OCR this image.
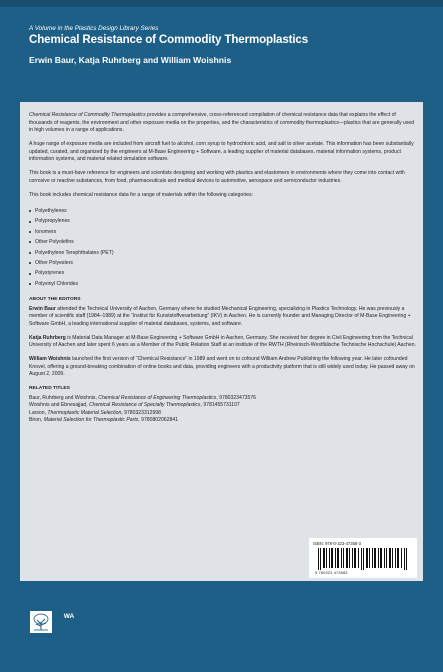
A Volume in the Plastics Design Library Series
Chemical Resistance of Commodity Thermoplastics
Erwin Baur, Katja Ruhrberg and William Woishnis

Chemical Resistance of Commodity Thermoplastics provides a comprehensive, cross-referenced compilation of chemical resistance data that explains the effect of thousands of reagents, the environment and other exposure media on the properties, and the characteristics of commodity thermoplastics—plastics that are generally used in high volumes in a range of applications.

A huge range of exposure media are included from aircraft fuel to alcohol, corn syrup to hydrochloric acid, and salt to silver acetate. This information has been substantially updated, curated, and organized by the engineers at M-Base Engineering + Software, a leading supplier of material databases, material information systems, product information systems, and material related simulation software.

This book is a must-have reference for engineers and scientists designing and working with plastics and elastomers in environments where they come into contact with corrosive or reactive substances, from food, pharmaceuticals and medical devices to automotive, aerospace and semiconductor industries.

This book includes chemical resistance data for a range of materials within the following categories:

Polyethylenes
Polypropylenes
Ionomers
Other Polyolefins
Polyethylene Terephthalates (PET)
Other Polyesters
Polystyrenes
Polyvinyl Chlorides
ABOUT THE EDITORS

Erwin Baur attended the Technical University of Aachen, Germany where he studied Mechanical Engineering, specializing in Plastics Technology. He was previously a member of scientific staff (1984–1989) at the “Institut für Kunststoffverarbeitung” (IKV) in Aachen. He is currently founder and Managing Director of M-Base Engineering + Software GmbH, a leading international supplier of material databases, systems, and software.

Katja Ruhrberg is Material Data Manager at M-Base Engineering + Software GmbH in Aachen, Germany. She received her degree in Civil Engineering from the Technical University of Aachen and later spent 6 years as a Member of the Public Relation Staff at an institute of the RWTH (Rheinisch-Westfälische Technische Hochschule) Aachen.

William Woishnis launched the first version of “Chemical Resistance” in 1989 and went on to cofound William Andrew Publishing the following year. He later cofounded Knovel, offering a ground-breaking combination of online books and data, providing engineers with a productivity platform that is still widely used today. He passed away on August 2, 2009.

RELATED TITLES
Baur, Ruhrberg and Woishnis, Chemical Resistance of Engineering Thermoplastics, 9780323473576
Woishnis and Ebnesajjad, Chemical Resistance of Specialty Thermoplastics, 9781455731107
Larson, Thermoplastic Material Selection, 9780323312998
Biron, Material Selection for Thermoplastic Parts, 9780802062841
ELSEVIER
WA William
Andrew
Applied Science Publishers
elsevier.com
ISBN: 978-0-323-47358-3
9 780323 473583
